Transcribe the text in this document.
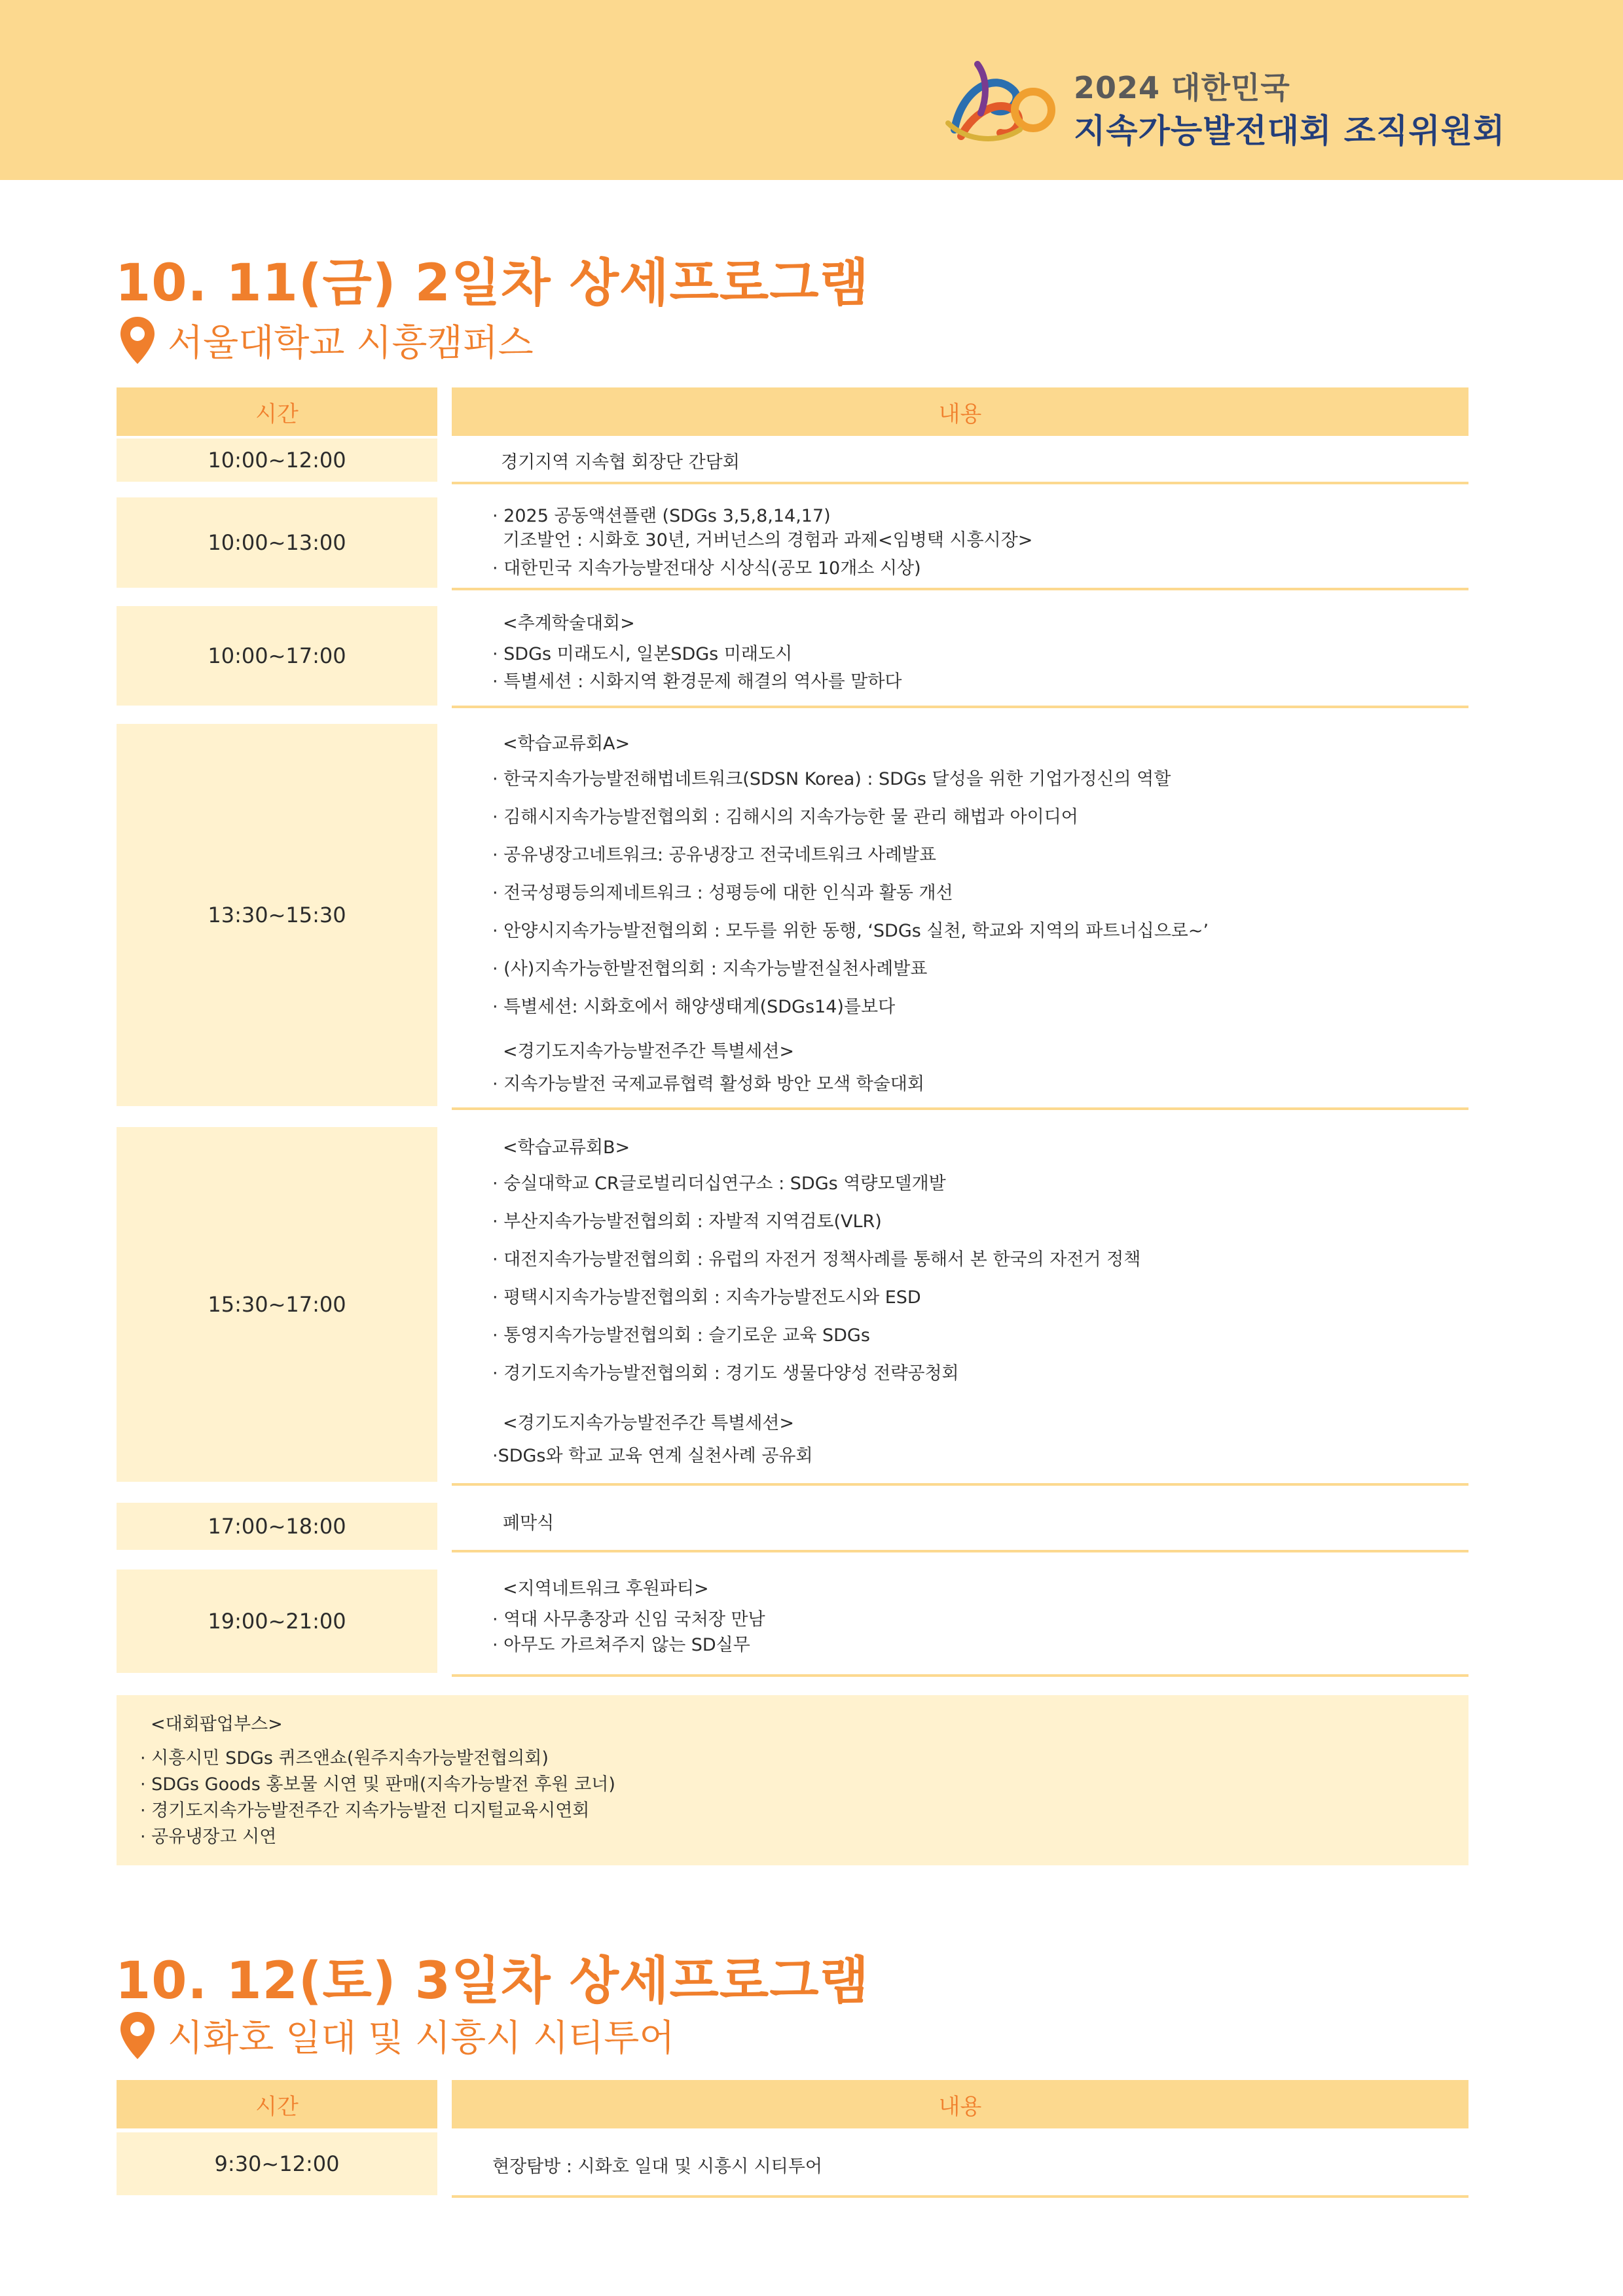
2024 대한민국
지속가능발전대회 조직위원회
10. 11(금) 2일차 상세프로그램
서울대학교 시흥캠퍼스
시간	내용
10:00~12:00	경기지역 지속협 회장단 간담회
10:00~13:00
· 2025 공동액션플랜 (SDGs 3,5,8,14,17)
기조발언 : 시화호 30년, 거버넌스의 경험과 과제<임병택 시흥시장>
· 대한민국 지속가능발전대상 시상식(공모 10개소 시상)
10:00~17:00
<추계학술대회>
· SDGs 미래도시, 일본SDGs 미래도시
· 특별세션 : 시화지역 환경문제 해결의 역사를 말하다
13:30~15:30
<학습교류회A>
· 한국지속가능발전해법네트워크(SDSN Korea) : SDGs 달성을 위한 기업가정신의 역할
· 김해시지속가능발전협의회 : 김해시의 지속가능한 물 관리 해법과 아이디어
· 공유냉장고네트워크: 공유냉장고 전국네트워크 사례발표
· 전국성평등의제네트워크 : 성평등에 대한 인식과 활동 개선
· 안양시지속가능발전협의회 : 모두를 위한 동행, ‘SDGs 실천, 학교와 지역의 파트너십으로~’
· (사)지속가능한발전협의회 : 지속가능발전실천사례발표
· 특별세션: 시화호에서 해양생태계(SDGs14)를보다
<경기도지속가능발전주간 특별세션>
· 지속가능발전 국제교류협력 활성화 방안 모색 학술대회
15:30~17:00
<학습교류회B>
· 숭실대학교 CR글로벌리더십연구소 : SDGs 역량모델개발
· 부산지속가능발전협의회 : 자발적 지역검토(VLR)
· 대전지속가능발전협의회 : 유럽의 자전거 정책사례를 통해서 본 한국의 자전거 정책
· 평택시지속가능발전협의회 : 지속가능발전도시와 ESD
· 통영지속가능발전협의회 : 슬기로운 교육 SDGs
· 경기도지속가능발전협의회 : 경기도 생물다양성 전략공청회
<경기도지속가능발전주간 특별세션>
·SDGs와 학교 교육 연계 실천사례 공유회
17:00~18:00	폐막식
19:00~21:00
<지역네트워크 후원파티>
· 역대 사무총장과 신임 국처장 만남
· 아무도 가르쳐주지 않는 SD실무
<대회팝업부스>
· 시흥시민 SDGs 퀴즈앤쇼(원주지속가능발전협의회)
· SDGs Goods 홍보물 시연 및 판매(지속가능발전 후원 코너)
· 경기도지속가능발전주간 지속가능발전 디지털교육시연회
· 공유냉장고 시연
10. 12(토) 3일차 상세프로그램
시화호 일대 및 시흥시 시티투어
시간	내용
9:30~12:00	현장탐방 : 시화호 일대 및 시흥시 시티투어
